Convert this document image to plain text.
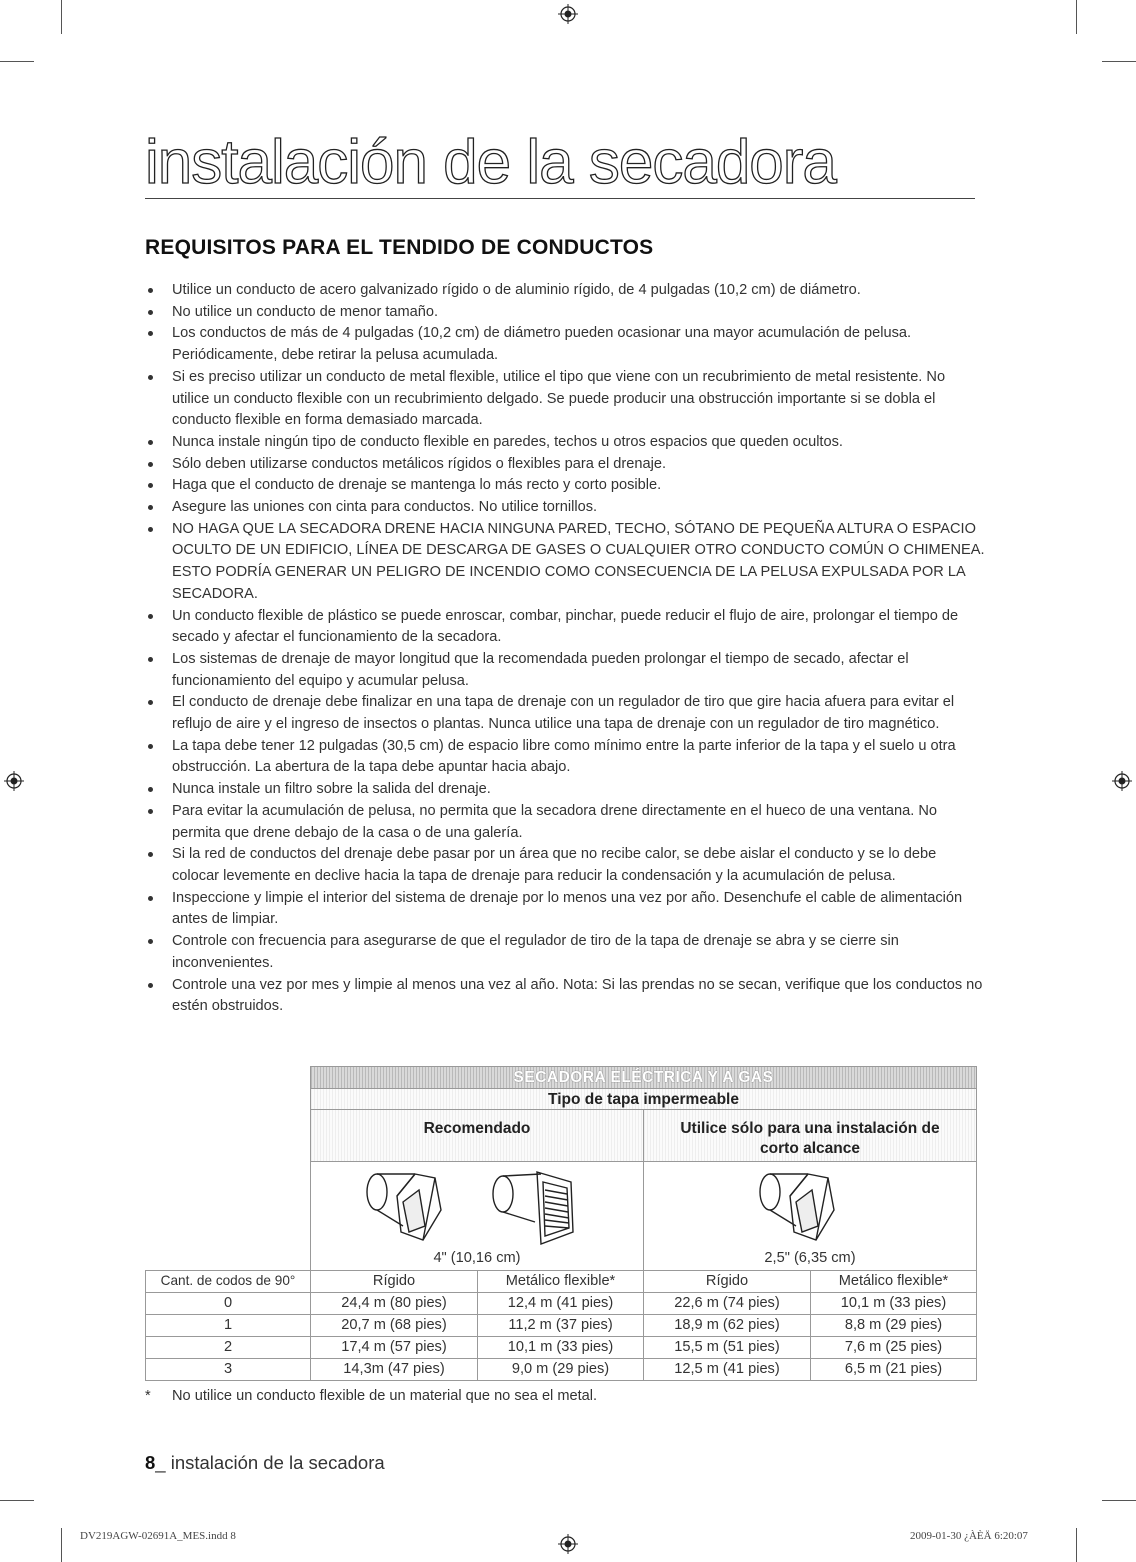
instalación de la secadora
REQUISITOS PARA EL TENDIDO DE CONDUCTOS
Utilice un conducto de acero galvanizado rígido o de aluminio rígido, de 4 pulgadas (10,2 cm) de diámetro.
No utilice un conducto de menor tamaño.
Los conductos de más de 4 pulgadas (10,2 cm) de diámetro pueden ocasionar una mayor acumulación de pelusa. Periódicamente, debe retirar la pelusa acumulada.
Si es preciso utilizar un conducto de metal flexible, utilice el tipo que viene con un recubrimiento de metal resistente. No utilice un conducto flexible con un recubrimiento delgado. Se puede producir una obstrucción importante si se dobla el conducto flexible en forma demasiado marcada.
Nunca instale ningún tipo de conducto flexible en paredes, techos u otros espacios que queden ocultos.
Sólo deben utilizarse conductos metálicos rígidos o flexibles para el drenaje.
Haga que el conducto de drenaje se mantenga lo más recto y corto posible.
Asegure las uniones con cinta para conductos. No utilice tornillos.
NO HAGA QUE LA SECADORA DRENE HACIA NINGUNA PARED, TECHO, SÓTANO DE PEQUEÑA ALTURA O ESPACIO OCULTO DE UN EDIFICIO, LÍNEA DE DESCARGA DE GASES O CUALQUIER OTRO CONDUCTO COMÚN O CHIMENEA. ESTO PODRÍA GENERAR UN PELIGRO DE INCENDIO COMO CONSECUENCIA DE LA PELUSA EXPULSADA POR LA SECADORA.
Un conducto flexible de plástico se puede enroscar, combar, pinchar, puede reducir el flujo de aire, prolongar el tiempo de secado y afectar el funcionamiento de la secadora.
Los sistemas de drenaje de mayor longitud que la recomendada pueden prolongar el tiempo de secado, afectar el funcionamiento del equipo y acumular pelusa.
El conducto de drenaje debe finalizar en una tapa de drenaje con un regulador de tiro que gire hacia afuera para evitar el reflujo de aire y el ingreso de insectos o plantas. Nunca utilice una tapa de drenaje con un regulador de tiro magnético.
La tapa debe tener 12 pulgadas (30,5 cm) de espacio libre como mínimo entre la parte inferior de la tapa y el suelo u otra obstrucción. La abertura de la tapa debe apuntar hacia abajo.
Nunca instale un filtro sobre la salida del drenaje.
Para evitar la acumulación de pelusa, no permita que la secadora drene directamente en el hueco de una ventana. No permita que drene debajo de la casa o de una galería.
Si la red de conductos del drenaje debe pasar por un área que no recibe calor, se debe aislar el conducto y se lo debe colocar levemente en declive hacia la tapa de drenaje para reducir la condensación y la acumulación de pelusa.
Inspeccione y limpie el interior del sistema de drenaje por lo menos una vez por año. Desenchufe el cable de alimentación antes de limpiar.
Controle con frecuencia para asegurarse de que el regulador de tiro de la tapa de drenaje se abra y se cierre sin inconvenientes.
Controle una vez por mes y limpie al menos una vez al año. Nota: Si las prendas no se secan, verifique que los conductos no estén obstruidos.
SECADORA ELÉCTRICA Y A GAS
Tipo de tapa impermeable
Recomendado	Utilice sólo para una instalación de
corto alcance
4" (10,16 cm)	2,5" (6,35 cm)
Cant. de codos de 90°	Rígido	Metálico flexible*	Rígido	Metálico flexible*
0	24,4 m (80 pies)	12,4 m (41 pies)	22,6 m (74 pies)	10,1 m (33 pies)
1	20,7 m (68 pies)	11,2 m (37 pies)	18,9 m (62 pies)	8,8 m (29 pies)
2	17,4 m (57 pies)	10,1 m (33 pies)	15,5 m (51 pies)	7,6 m (25 pies)
3	14,3m (47 pies)	9,0 m (29 pies)	12,5 m (41 pies)	6,5 m (21 pies)
* No utilice un conducto flexible de un material que no sea el metal.
8_ instalación de la secadora
DV219AGW-02691A_MES.indd 8	2009-01-30 ¿ÀÈÄ 6:20:07
